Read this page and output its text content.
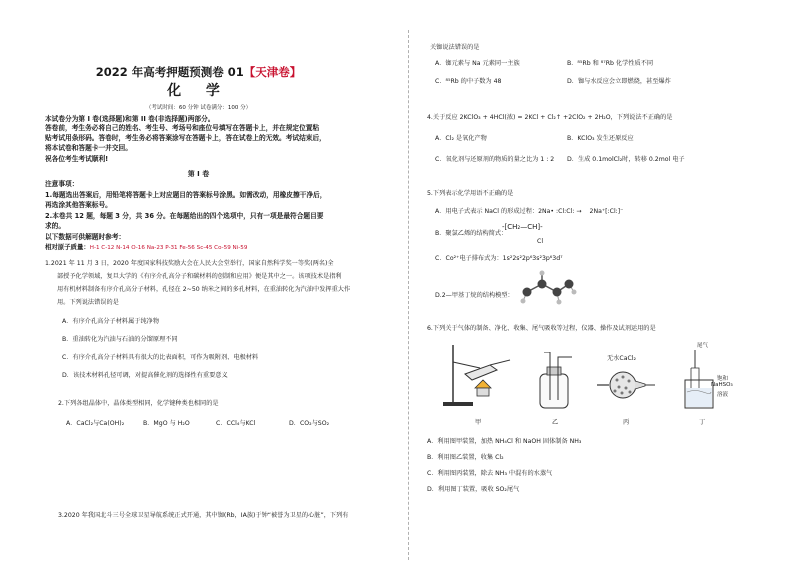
2022 年高考押题预测卷 01【天津卷】
化 学
（考试时间：60 分钟 试卷满分：100 分）
本试卷分为第 I 卷(选择题)和第 II 卷(非选择题)两部分。
答卷前，考生务必将自己的姓名、考生号、考场号和座位号填写在答题卡上，并在规定位置粘
贴考试用条形码。答卷时，考生务必将答案涂写在答题卡上，答在试卷上的无效。考试结束后，
将本试卷和答题卡一并交回。
祝各位考生考试顺利!
第 I 卷
注意事项：
1.每题选出答案后，用铅笔将答题卡上对应题目的答案标号涂黑。如需改动，用橡皮擦干净后，
再选涂其他答案标号。
2.本卷共 12 题，每题 3 分，共 36 分。在每题给出的四个选项中，只有一项是最符合题目要
求的。
以下数据可供解题时参考：
相对原子质量：H-1 C-12 N-14 O-16 Na-23 P-31 Fe-56 Sc-45 Co-59 Ni-59
1.2021 年 11 月 3 日，2020 年度国家科技奖励大会在人民大会堂举行，国家自然科学奖一等奖(两名)全
部授予化学领域，复旦大学的《有序介孔高分子和碳材料的创制和应用》便是其中之一。该项技术是指利
用有机材料制备有序介孔高分子材料，孔径在 2~50 纳米之间的多孔材料，在重油转化为汽油中发挥重大作
用。下列说法错误的是
A．有序介孔高分子材料属于纯净物
B．重油转化为汽油与石油的分馏原理不同
C．有序介孔高分子材料具有很大的比表面积，可作为吸附剂、电极材料
D．该技术材料孔径可调，对提高催化剂的选择性有重要意义
2.下列各组晶体中，晶体类型相同，化学键种类也相同的是
A．CaCl₂与Ca(OH)₂	B．MgO 与 H₂O	C．CCl₄与KCl	D．CO₂与SO₂
3.2020 年我国北斗三号全球卫星导航系统正式开通，其中铷(Rb，IA族)于钟“被誉为卫星的心脏”，下列有
关铷说法错误的是
A．铷元素与 Na 元素同一主族	B．⁸⁵Rb 和 ⁸⁷Rb 化学性质不同
C．⁸⁵Rb 的中子数为 48	D．铷与水反应会立即燃烧，甚至爆炸
4.关于反应 2KClO₃ + 4HCl(浓) = 2KCl + Cl₂↑ +2ClO₂ + 2H₂O，下列说法不正确的是
A．Cl₂ 是氧化产物	B．KClO₃ 发生还原反应
C．氧化剂与还原剂的物质的量之比为 1 : 2 D．生成 0.1molCl₂时，转移 0.2mol 电子
5.下列表示化学用语不正确的是
A．用电子式表示 NaCl 的形成过程：2Na• :Cl:Cl: → 2Na⁺[:Cl:]⁻
B．聚氯乙烯的结构简式：
-[CH₂—CH]-
Cl
C．Co²⁺电子排布式为：1s²2s²2p⁶3s²3p⁶3d⁷
D.2—甲基丁烷的结构模型：
6.下列关于气体的制备、净化、收集、尾气吸收等过程，仪器、操作及试剂运用的是
甲	乙
无水CaCl₂
丙
尾气
饱和
NaHSO₃
溶液
丁
A．利用图甲装置，加热 NH₄Cl 和 NaOH 固体制备 NH₃
B．利用图乙装置，收集 Cl₂
C．利用图丙装置，除去 NH₃ 中混有的水蒸气
D．利用图丁装置，吸收 SO₂尾气
